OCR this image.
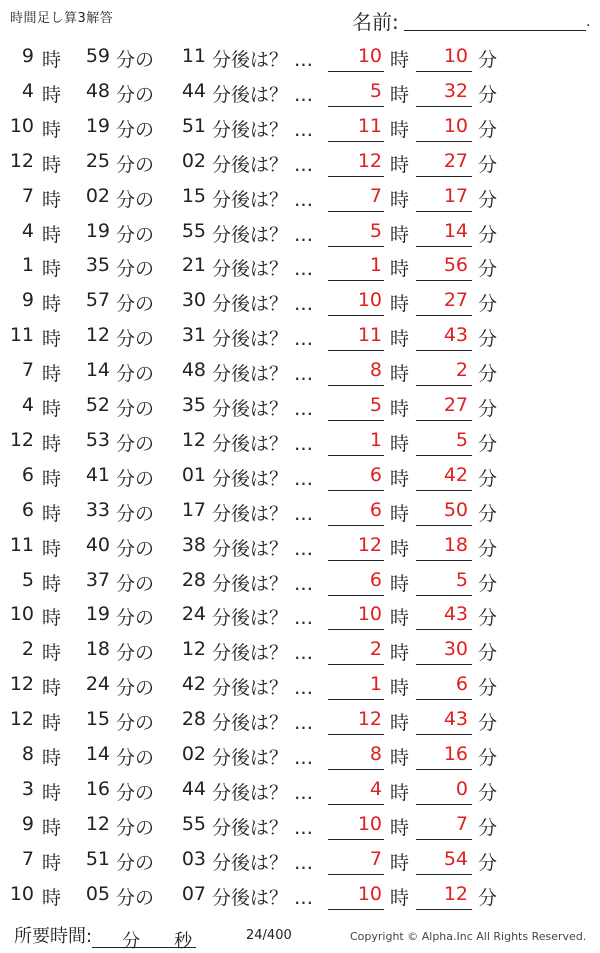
時間足し算3解答	名前:	.
9 時	59 分の	11 分後は？ …	10 時	10 分
4 時	48 分の	44 分後は？ …	5 時	32 分
10 時	19 分の	51 分後は？ …	11 時	10 分
12 時	25 分の	02 分後は？ …	12 時	27 分
7 時	02 分の	15 分後は？ …	7 時	17 分
4 時	19 分の	55 分後は？ …	5 時	14 分
1 時	35 分の	21 分後は？ …	1 時	56 分
9 時	57 分の	30 分後は？ …	10 時	27 分
11 時	12 分の	31 分後は？ …	11 時	43 分
7 時	14 分の	48 分後は？ …	8 時	2 分
4 時	52 分の	35 分後は？ …	5 時	27 分
12 時	53 分の	12 分後は？ …	1 時	5 分
6 時	41 分の	01 分後は？ …	6 時	42 分
6 時	33 分の	17 分後は？ …	6 時	50 分
11 時	40 分の	38 分後は？ …	12 時	18 分
5 時	37 分の	28 分後は？ …	6 時	5 分
10 時	19 分の	24 分後は？ …	10 時	43 分
2 時	18 分の	12 分後は？ …	2 時	30 分
12 時	24 分の	42 分後は？ …	1 時	6 分
12 時	15 分の	28 分後は？ …	12 時	43 分
8 時	14 分の	02 分後は？ …	8 時	16 分
3 時	16 分の	44 分後は？ …	4 時	0 分
9 時	12 分の	55 分後は？ …	10 時	7 分
7 時	51 分の	03 分後は？ …	7 時	54 分
10 時	05 分の	07 分後は？ …	10 時	12 分
所要時間: 分 秒	24/400	Copyright © Alpha.Inc All Rights Reserved.
